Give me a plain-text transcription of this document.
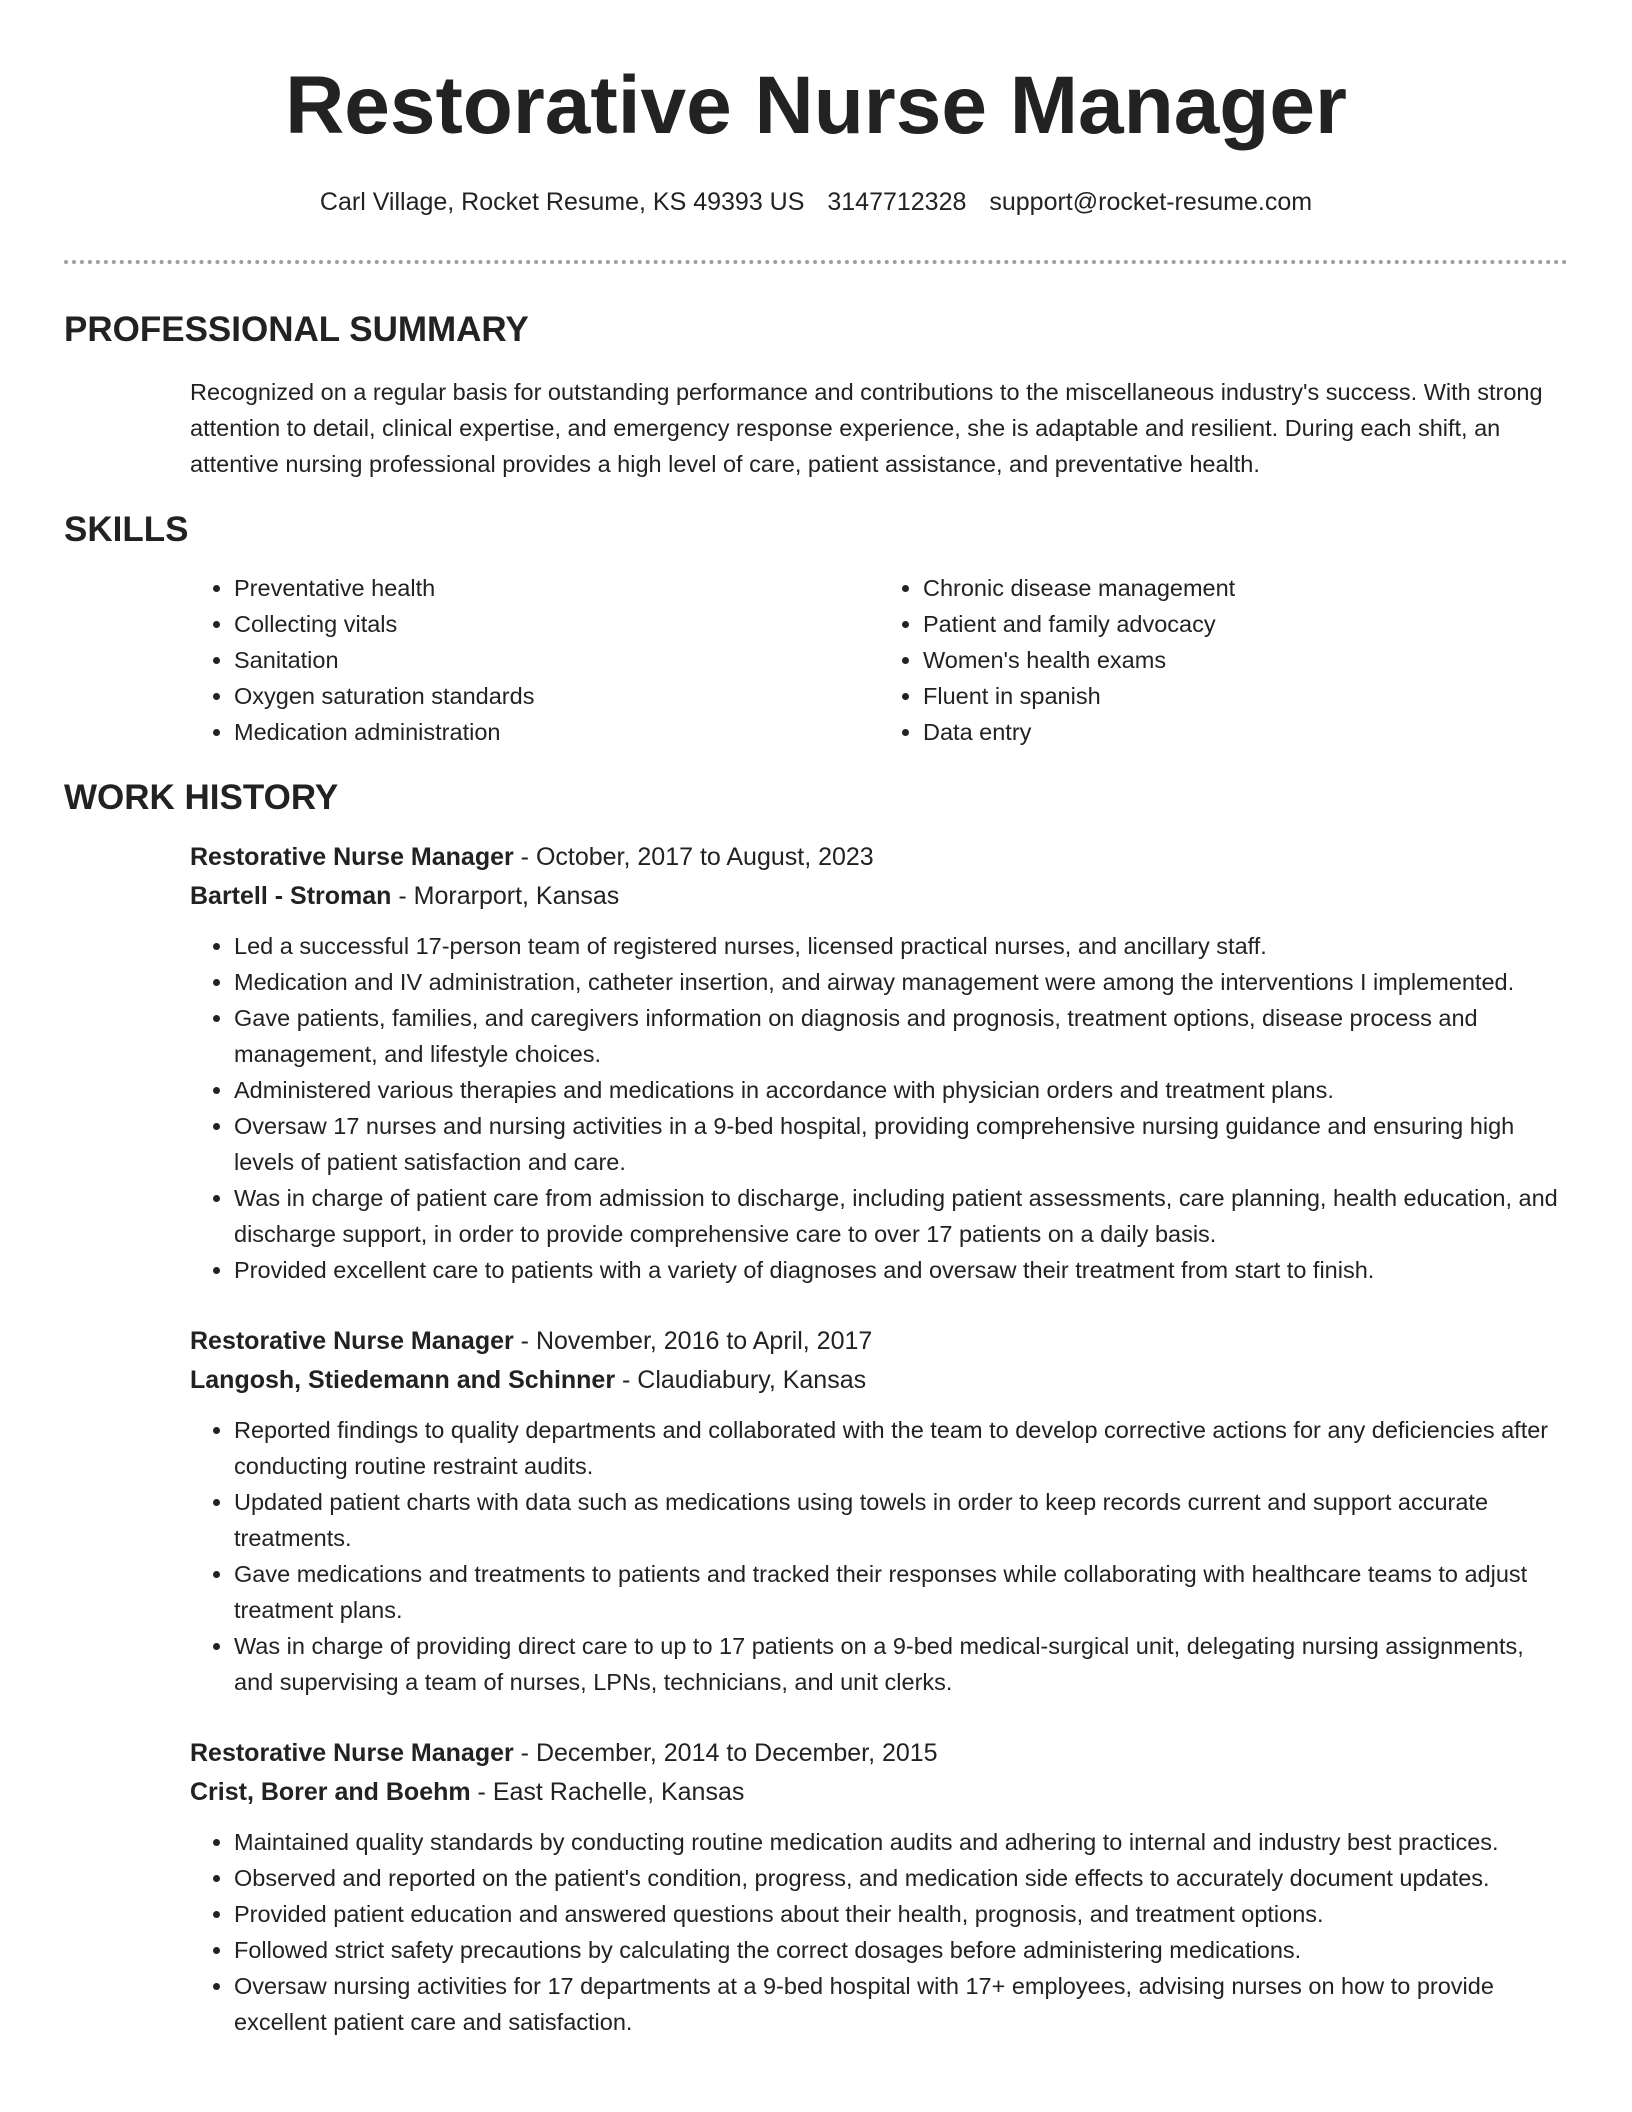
Restorative Nurse Manager
Carl Village, Rocket Resume, KS 49393 US 3147712328 support@rocket-resume.com
PROFESSIONAL SUMMARY
Recognized on a regular basis for outstanding performance and contributions to the miscellaneous industry's success. With strong attention to detail, clinical expertise, and emergency response experience, she is adaptable and resilient. During each shift, an attentive nursing professional provides a high level of care, patient assistance, and preventative health.
SKILLS
• Preventative health
• Collecting vitals
• Sanitation
• Oxygen saturation standards
• Medication administration
• Chronic disease management
• Patient and family advocacy
• Women's health exams
• Fluent in spanish
• Data entry
WORK HISTORY
Restorative Nurse Manager - October, 2017 to August, 2023
Bartell - Stroman - Morarport, Kansas
• Led a successful 17-person team of registered nurses, licensed practical nurses, and ancillary staff.
• Medication and IV administration, catheter insertion, and airway management were among the interventions I implemented.
• Gave patients, families, and caregivers information on diagnosis and prognosis, treatment options, disease process and management, and lifestyle choices.
• Administered various therapies and medications in accordance with physician orders and treatment plans.
• Oversaw 17 nurses and nursing activities in a 9-bed hospital, providing comprehensive nursing guidance and ensuring high levels of patient satisfaction and care.
• Was in charge of patient care from admission to discharge, including patient assessments, care planning, health education, and discharge support, in order to provide comprehensive care to over 17 patients on a daily basis.
• Provided excellent care to patients with a variety of diagnoses and oversaw their treatment from start to finish.
Restorative Nurse Manager - November, 2016 to April, 2017
Langosh, Stiedemann and Schinner - Claudiabury, Kansas
• Reported findings to quality departments and collaborated with the team to develop corrective actions for any deficiencies after conducting routine restraint audits.
• Updated patient charts with data such as medications using towels in order to keep records current and support accurate treatments.
• Gave medications and treatments to patients and tracked their responses while collaborating with healthcare teams to adjust treatment plans.
• Was in charge of providing direct care to up to 17 patients on a 9-bed medical-surgical unit, delegating nursing assignments, and supervising a team of nurses, LPNs, technicians, and unit clerks.
Restorative Nurse Manager - December, 2014 to December, 2015
Crist, Borer and Boehm - East Rachelle, Kansas
• Maintained quality standards by conducting routine medication audits and adhering to internal and industry best practices.
• Observed and reported on the patient's condition, progress, and medication side effects to accurately document updates.
• Provided patient education and answered questions about their health, prognosis, and treatment options.
• Followed strict safety precautions by calculating the correct dosages before administering medications.
• Oversaw nursing activities for 17 departments at a 9-bed hospital with 17+ employees, advising nurses on how to provide excellent patient care and satisfaction.
